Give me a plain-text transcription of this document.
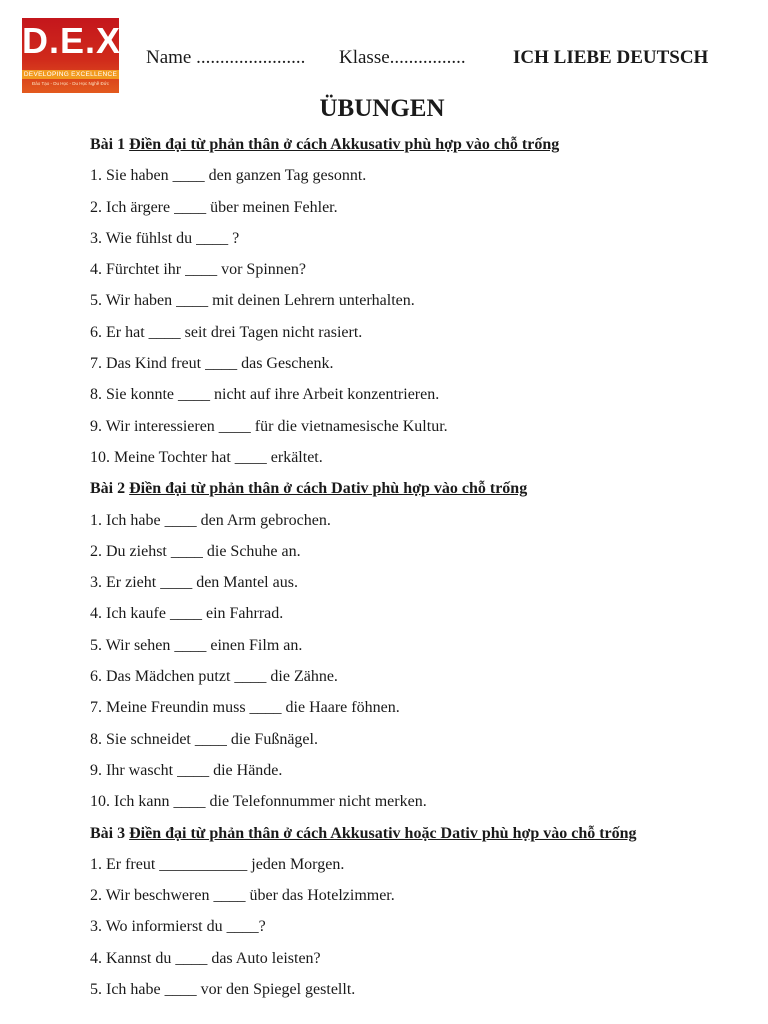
D.E.X
DEVELOPING EXCELLENCE
Đào Tạo - Du Học - Du Học Nghề Đức
Name ....................... Klasse................ ICH LIEBE DEUTSCH
ÜBUNGEN
Bài 1 Điền đại từ phản thân ở cách Akkusativ phù hợp vào chỗ trống
1. Sie haben ____ den ganzen Tag gesonnt.
2. Ich ärgere ____ über meinen Fehler.
3. Wie fühlst du ____ ?
4. Fürchtet ihr ____ vor Spinnen?
5. Wir haben ____ mit deinen Lehrern unterhalten.
6. Er hat ____ seit drei Tagen nicht rasiert.
7. Das Kind freut ____ das Geschenk.
8. Sie konnte ____ nicht auf ihre Arbeit konzentrieren.
9. Wir interessieren ____ für die vietnamesische Kultur.
10. Meine Tochter hat ____ erkältet.
Bài 2 Điền đại từ phản thân ở cách Dativ phù hợp vào chỗ trống
1. Ich habe ____ den Arm gebrochen.
2. Du ziehst ____ die Schuhe an.
3. Er zieht ____ den Mantel aus.
4. Ich kaufe ____ ein Fahrrad.
5. Wir sehen ____ einen Film an.
6. Das Mädchen putzt ____ die Zähne.
7. Meine Freundin muss ____ die Haare föhnen.
8. Sie schneidet ____ die Fußnägel.
9. Ihr wascht ____ die Hände.
10. Ich kann ____ die Telefonnummer nicht merken.
Bài 3 Điền đại từ phản thân ở cách Akkusativ hoặc Dativ phù hợp vào chỗ trống
1. Er freut ___________ jeden Morgen.
2. Wir beschweren ____ über das Hotelzimmer.
3. Wo informierst du ____?
4. Kannst du ____ das Auto leisten?
5. Ich habe ____ vor den Spiegel gestellt.
